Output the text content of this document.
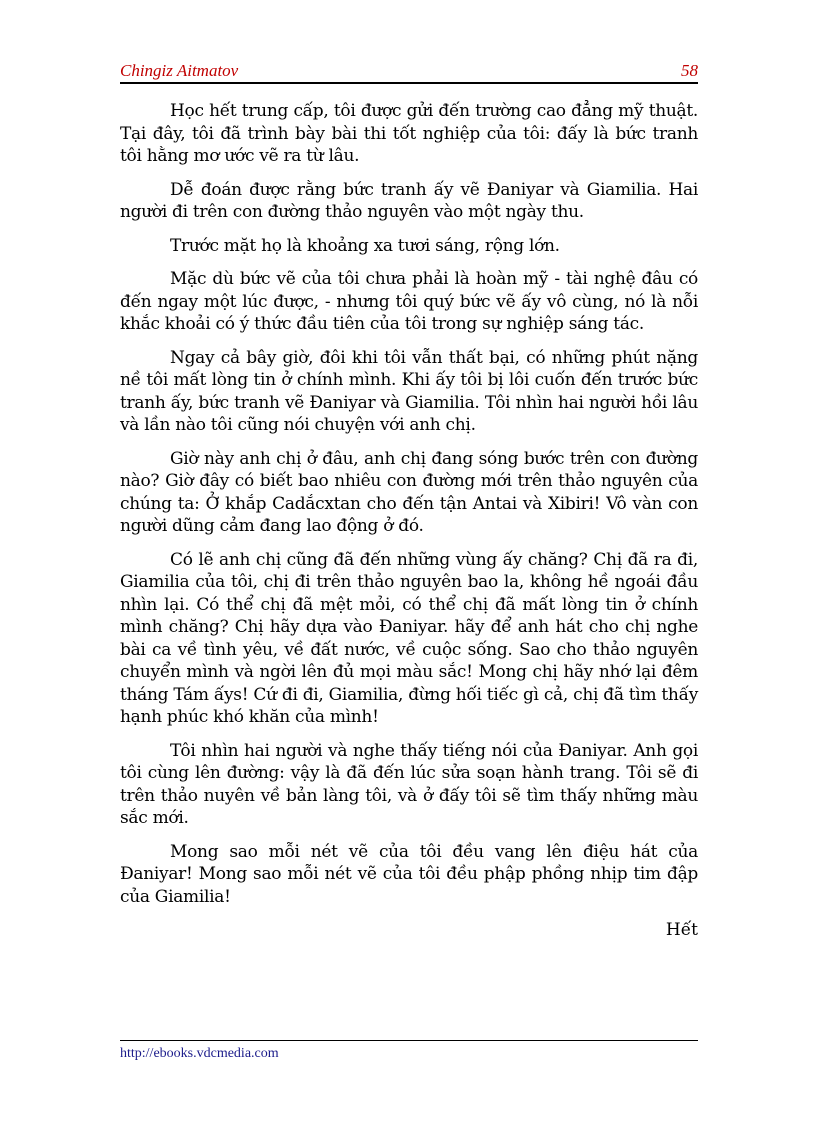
Chingiz Aitmatov	58

Học hết trung cấp, tôi được gửi đến trường cao đẳng mỹ thuật. Tại đây, tôi đã trình bày bài thi tốt nghiệp của tôi: đấy là bức tranh tôi hằng mơ ước vẽ ra từ lâu.

Dễ đoán được rằng bức tranh ấy vẽ Đaniyar và Giamilia. Hai người đi trên con đường thảo nguyên vào một ngày thu.

Trước mặt họ là khoảng xa tươi sáng, rộng lớn.

Mặc dù bức vẽ của tôi chưa phải là hoàn mỹ - tài nghệ đâu có đến ngay một lúc được, - nhưng tôi quý bức vẽ ấy vô cùng, nó là nỗi khắc khoải có ý thức đầu tiên của tôi trong sự nghiệp sáng tác.

Ngay cả bây giờ, đôi khi tôi vẫn thất bại, có những phút nặng nề tôi mất lòng tin ở chính mình. Khi ấy tôi bị lôi cuốn đến trước bức tranh ấy, bức tranh vẽ Đaniyar và Giamilia. Tôi nhìn hai người hồi lâu và lần nào tôi cũng nói chuyện với anh chị.

Giờ này anh chị ở đâu, anh chị đang sóng bước trên con đường nào? Giờ đây có biết bao nhiêu con đường mới trên thảo nguyên của chúng ta: Ở khắp Cadắcxtan cho đến tận Antai và Xibiri! Vô vàn con người dũng cảm đang lao động ở đó.

Có lẽ anh chị cũng đã đến những vùng ấy chăng? Chị đã ra đi, Giamilia của tôi, chị đi trên thảo nguyên bao la, không hề ngoái đầu nhìn lại. Có thể chị đã mệt mỏi, có thể chị đã mất lòng tin ở chính mình chăng? Chị hãy dựa vào Đaniyar. hãy để anh hát cho chị nghe bài ca về tình yêu, về đất nước, về cuộc sống. Sao cho thảo nguyên chuyển mình và ngời lên đủ mọi màu sắc! Mong chị hãy nhớ lại đêm tháng Tám ấys! Cứ đi đi, Giamilia, đừng hối tiếc gì cả, chị đã tìm thấy hạnh phúc khó khăn của mình!

Tôi nhìn hai người và nghe thấy tiếng nói của Đaniyar. Anh gọi tôi cùng lên đường: vậy là đã đến lúc sửa soạn hành trang. Tôi sẽ đi trên thảo nuyên về bản làng tôi, và ở đấy tôi sẽ tìm thấy những màu sắc mới.

Mong sao mỗi nét vẽ của tôi đều vang lên điệu hát của Đaniyar! Mong sao mỗi nét vẽ của tôi đều phập phồng nhịp tim đập của Giamilia!

Hết

http://ebooks.vdcmedia.com
